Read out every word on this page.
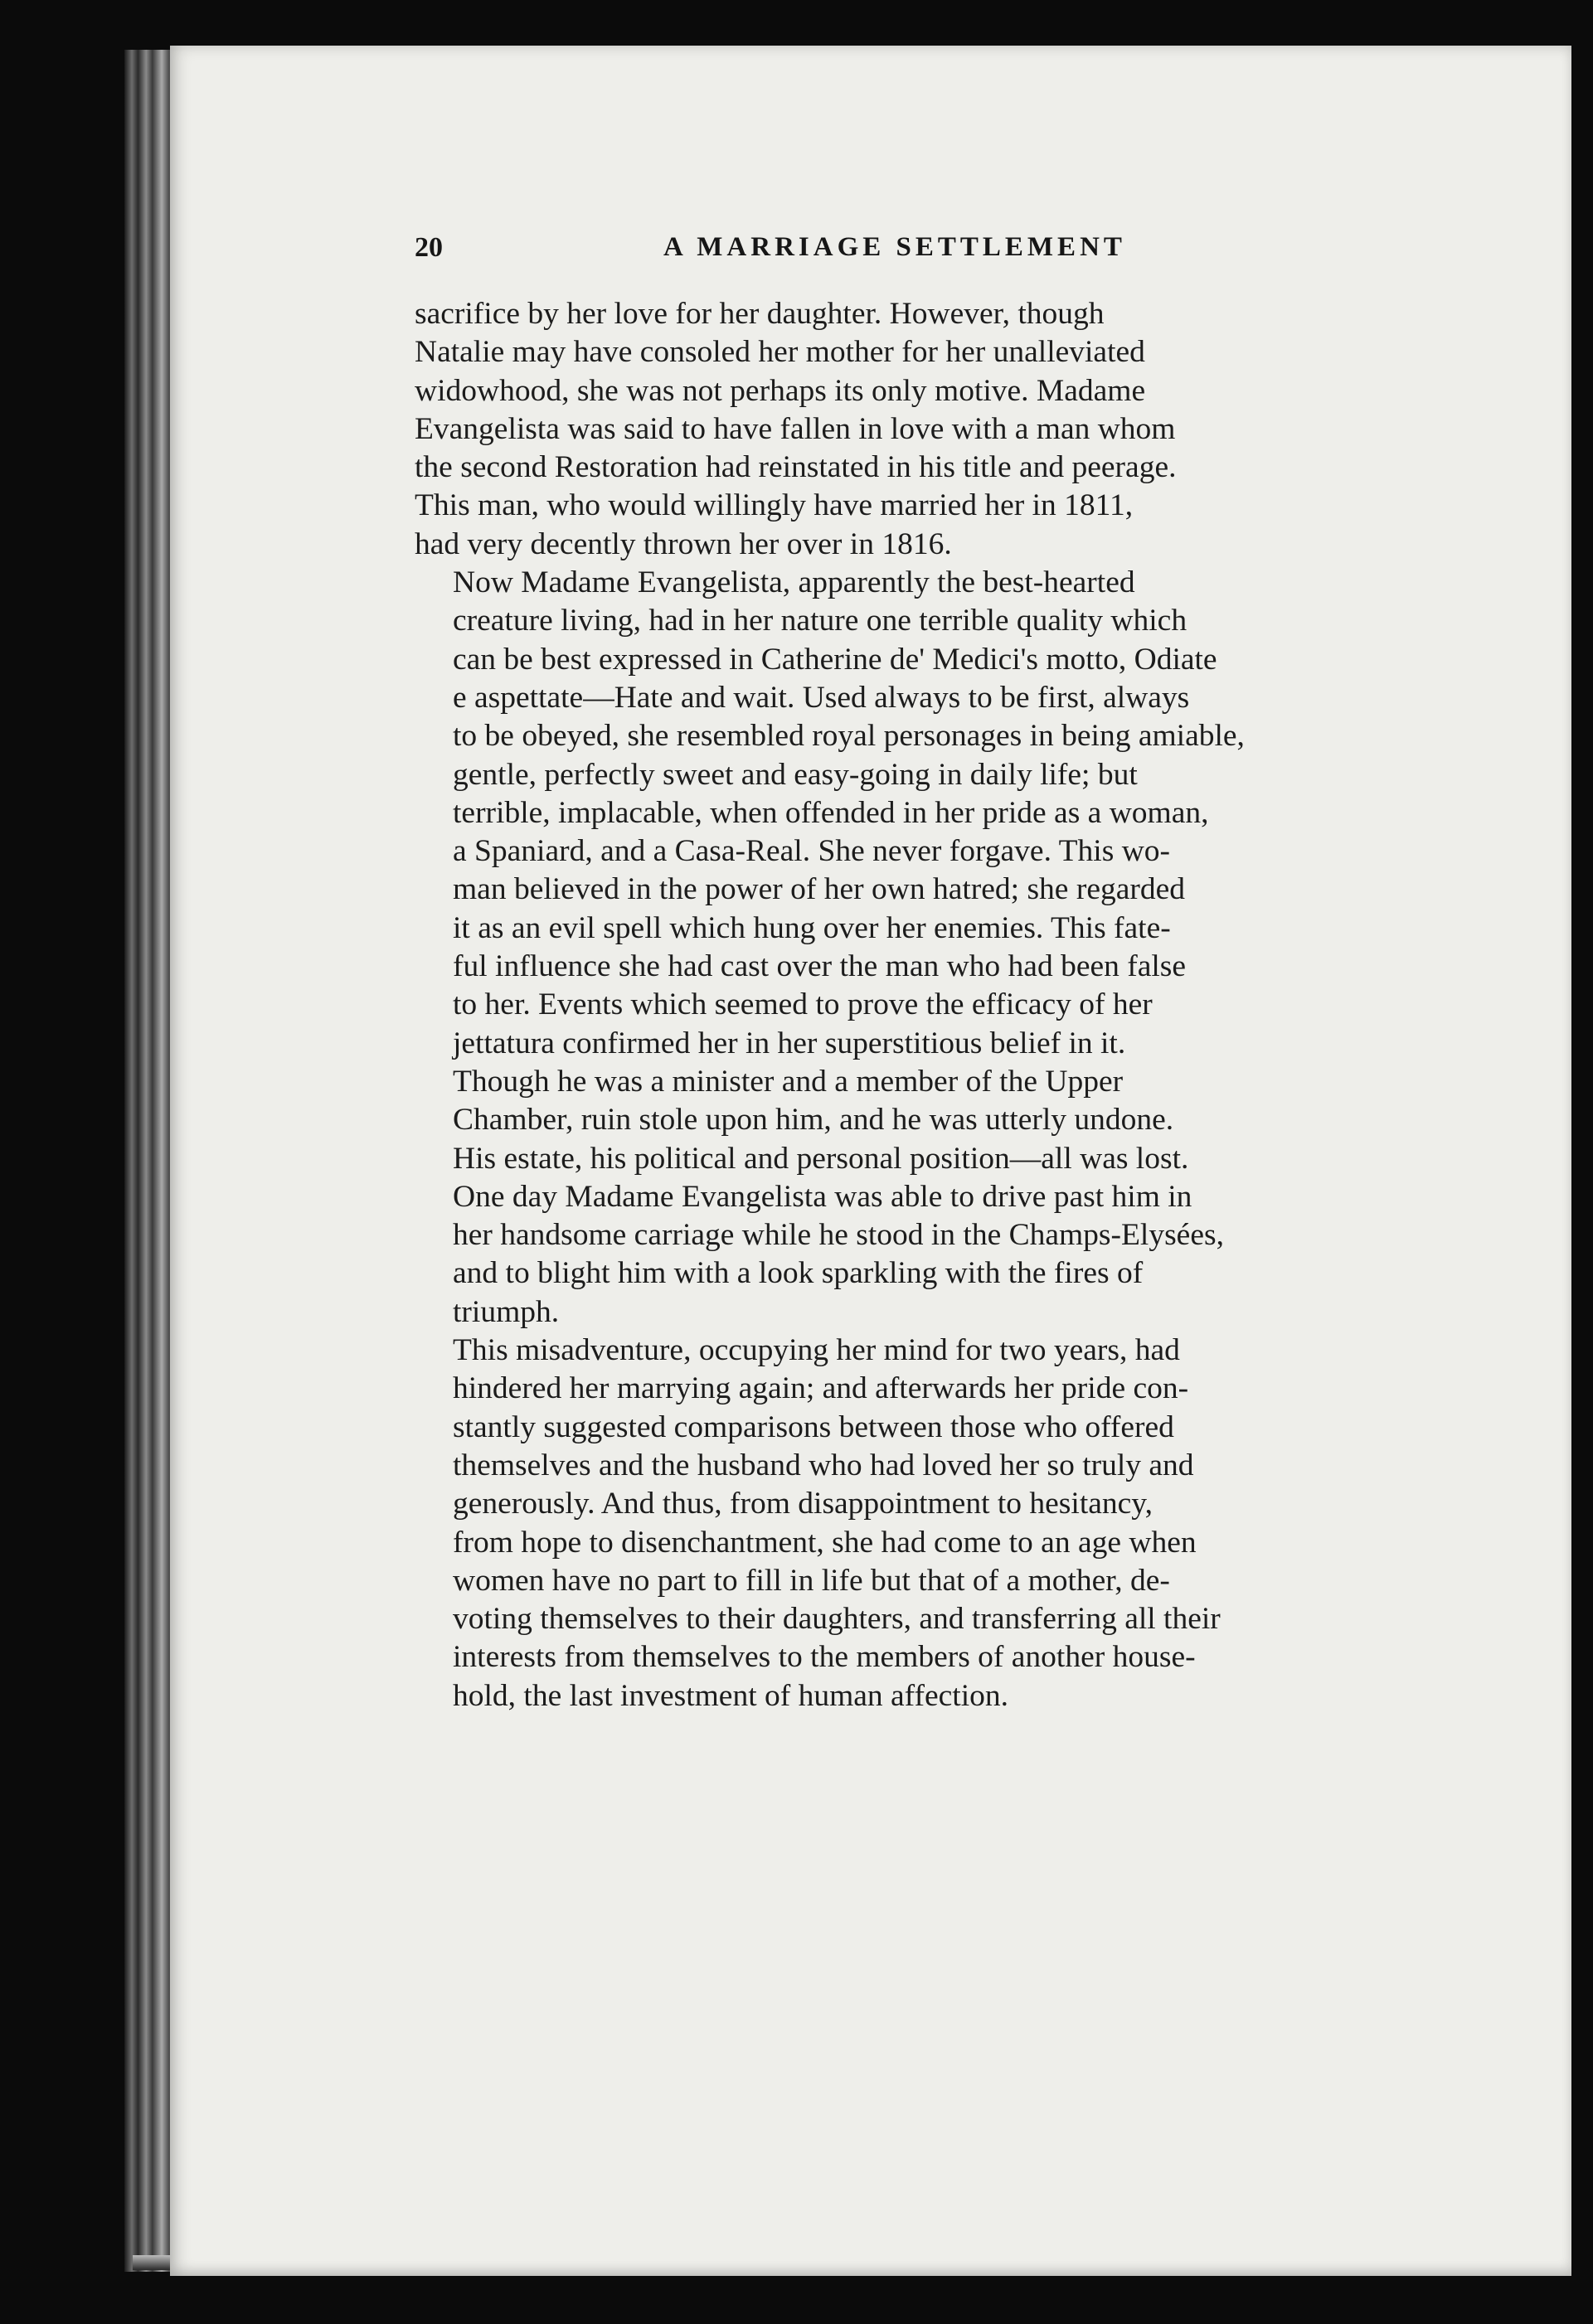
20	A MARRIAGE SETTLEMENT

sacrifice by her love for her daughter. However, though
Natalie may have consoled her mother for her unalleviated
widowhood, she was not perhaps its only motive. Madame
Evangelista was said to have fallen in love with a man whom
the second Restoration had reinstated in his title and peerage.
This man, who would willingly have married her in 1811,
had very decently thrown her over in 1816.

Now Madame Evangelista, apparently the best-hearted
creature living, had in her nature one terrible quality which
can be best expressed in Catherine de' Medici's motto, Odiate
e aspettate—Hate and wait. Used always to be first, always
to be obeyed, she resembled royal personages in being amiable,
gentle, perfectly sweet and easy-going in daily life; but
terrible, implacable, when offended in her pride as a woman,
a Spaniard, and a Casa-Real. She never forgave. This wo-
man believed in the power of her own hatred; she regarded
it as an evil spell which hung over her enemies. This fate-
ful influence she had cast over the man who had been false
to her. Events which seemed to prove the efficacy of her
jettatura confirmed her in her superstitious belief in it.
Though he was a minister and a member of the Upper
Chamber, ruin stole upon him, and he was utterly undone.
His estate, his political and personal position—all was lost.
One day Madame Evangelista was able to drive past him in
her handsome carriage while he stood in the Champs-Elysées,
and to blight him with a look sparkling with the fires of
triumph.

This misadventure, occupying her mind for two years, had
hindered her marrying again; and afterwards her pride con-
stantly suggested comparisons between those who offered
themselves and the husband who had loved her so truly and
generously. And thus, from disappointment to hesitancy,
from hope to disenchantment, she had come to an age when
women have no part to fill in life but that of a mother, de-
voting themselves to their daughters, and transferring all their
interests from themselves to the members of another house-
hold, the last investment of human affection.
